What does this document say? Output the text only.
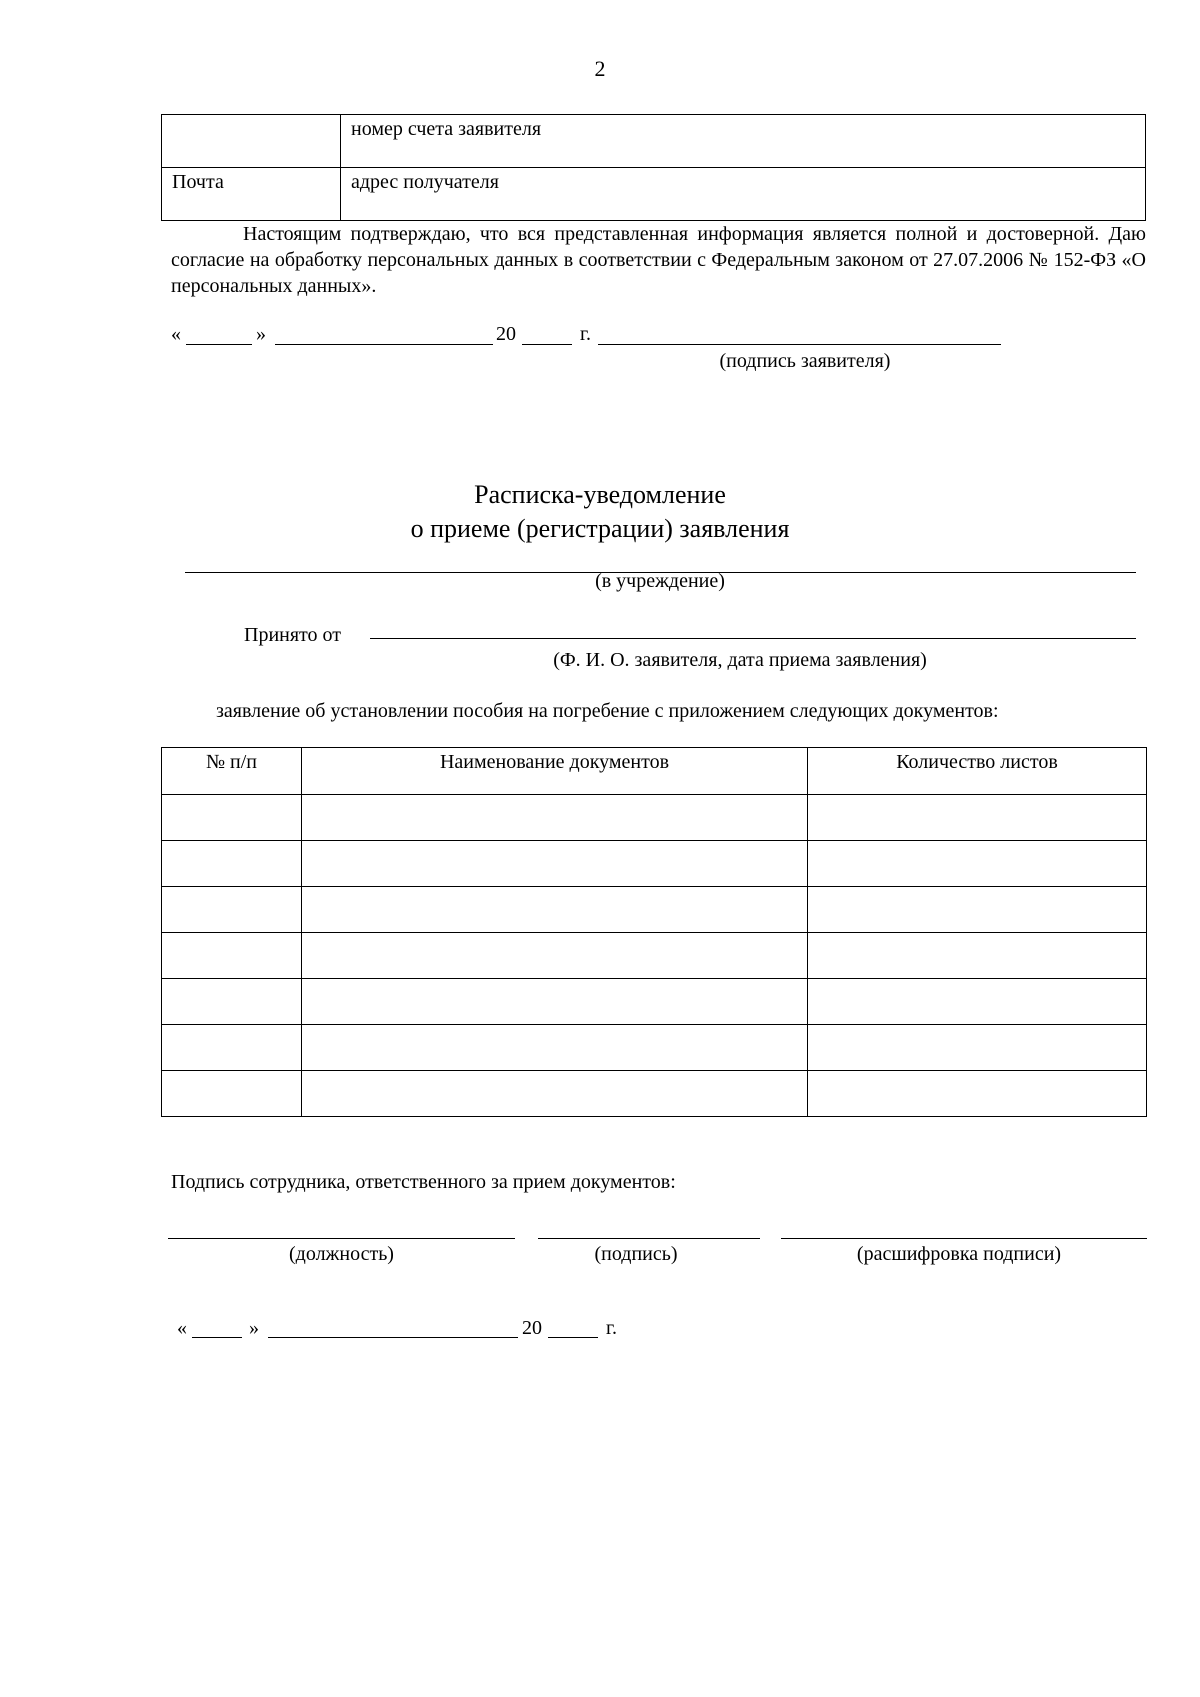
2
	номер счета заявителя
Почта	адрес получателя
Настоящим подтверждаю, что вся представленная информация является полной и достоверной. Даю согласие на обработку персональных данных в соответствии с Федеральным законом от 27.07.2006 № 152-ФЗ «О персональных данных».
«	»	20	г.
(подпись заявителя)
Расписка-уведомление
о приеме (регистрации) заявления
(в учреждение)
Принято от
(Ф. И. О. заявителя, дата приема заявления)
заявление об установлении пособия на погребение с приложением следующих документов:
№ п/п	Наименование документов	Количество листов

Подпись сотрудника, ответственного за прием документов:
(должность)	(подпись)	(расшифровка подписи)
«	»	20	г.
